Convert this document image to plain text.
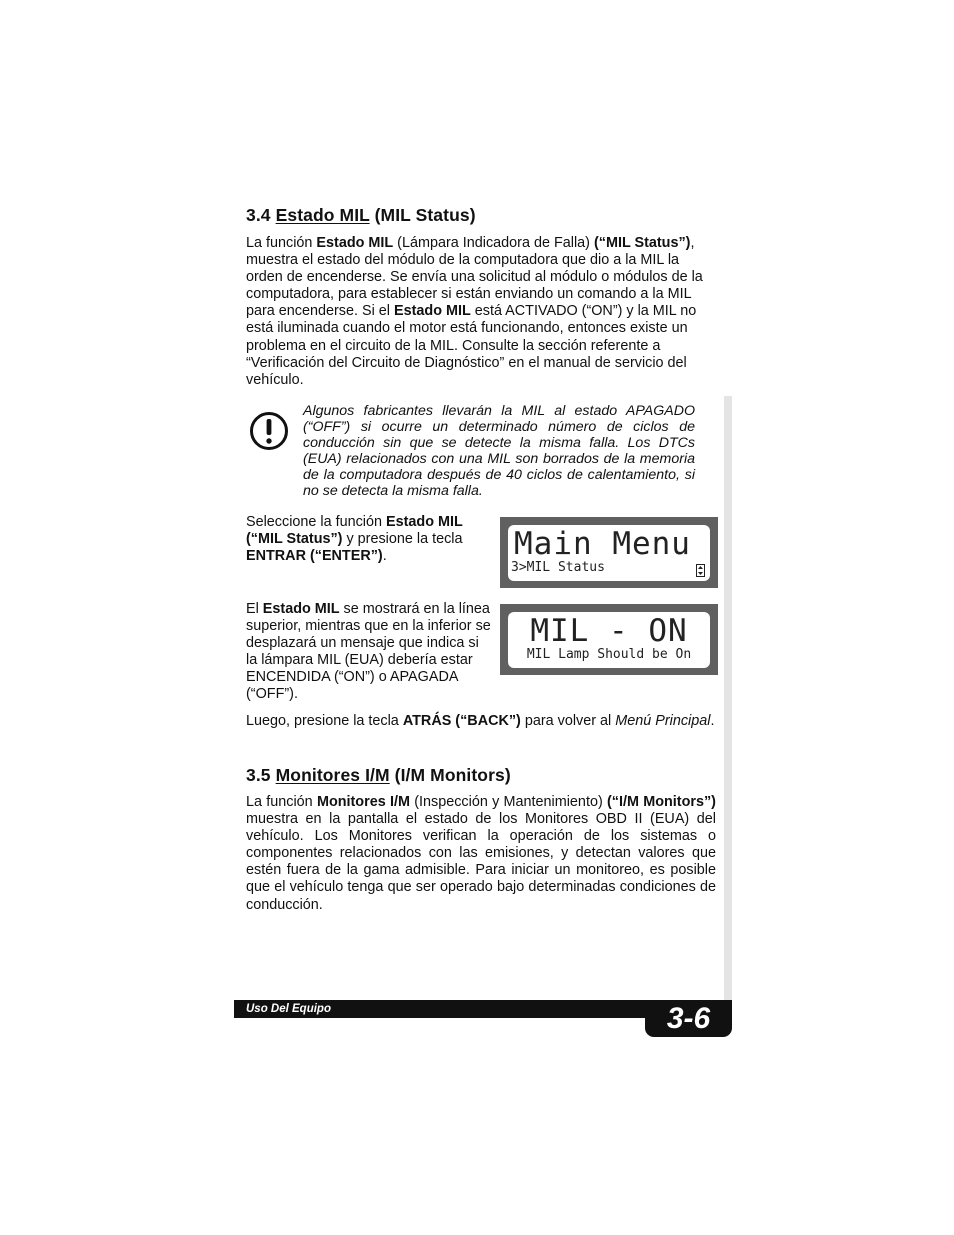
3.4 Estado MIL (MIL Status)

La función Estado MIL (Lámpara Indicadora de Falla) (“MIL Status”), muestra el estado del módulo de la computadora que dio a la MIL la orden de encenderse. Se envía una solicitud al módulo o módulos de la computadora, para establecer si están enviando un comando a la MIL para encenderse. Si el Estado MIL está ACTIVADO (“ON”) y la MIL no está iluminada cuando el motor está funcionando, entonces existe un problema en el circuito de la MIL. Consulte la sección referente a “Verificación del Circuito de Diagnóstico” en el manual de servicio del vehículo.

Algunos fabricantes llevarán la MIL al estado APAGADO (“OFF”) si ocurre un determinado número de ciclos de conducción sin que se detecte la misma falla. Los DTCs (EUA) relacionados con una MIL son borrados de la memoria de la computadora después de 40 ciclos de calentamiento, si no se detecta la misma falla.

Seleccione la función Estado MIL (“MIL Status”) y presione la tecla ENTRAR (“ENTER”).	Main Menu
3>MIL Status

El Estado MIL se mostrará en la línea superior, mientras que en la inferior se desplazará un mensaje que indica si la lámpara MIL (EUA) debería estar ENCENDIDA (“ON”) o APAGADA (“OFF”).

MIL - ON
MIL Lamp Should be On

Luego, presione la tecla ATRÁS (“BACK”) para volver al Menú Principal.

3.5 Monitores I/M (I/M Monitors)

La función Monitores I/M (Inspección y Mantenimiento) (“I/M Monitors”) muestra en la pantalla el estado de los Monitores OBD II (EUA) del vehículo. Los Monitores verifican la operación de los sistemas o componentes relacionados con las emisiones, y detectan valores que estén fuera de la gama admisible. Para iniciar un monitoreo, es posible que el vehículo tenga que ser operado bajo determinadas condiciones de conducción.

Uso Del Equipo	3-6
